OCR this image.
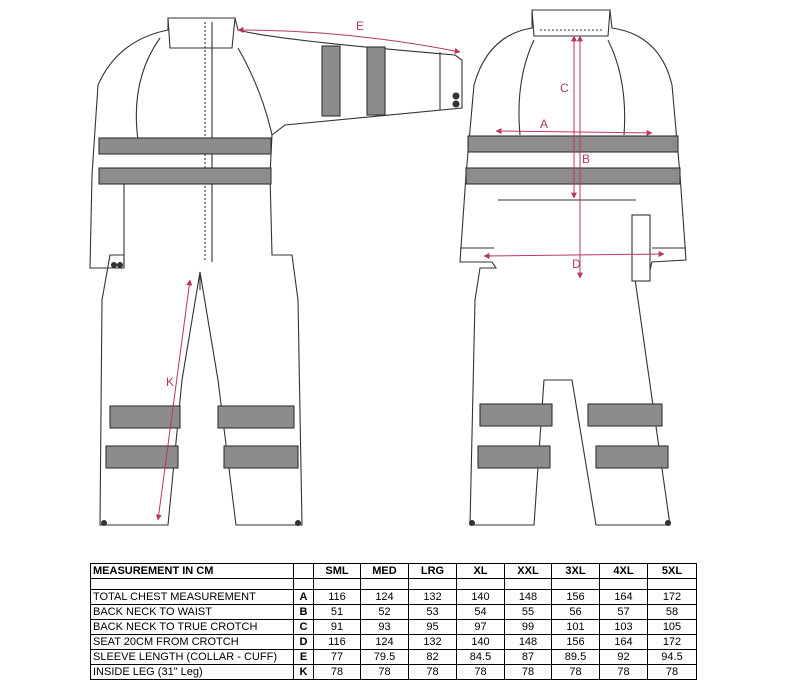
E
K
C
A
B
D
MEASUREMENT IN CM		SML	MED	LRG	XL	XXL	3XL	4XL	5XL

TOTAL CHEST MEASUREMENT	A	116	124	132	140	148	156	164	172
BACK NECK TO WAIST	B	51	52	53	54	55	56	57	58
BACK NECK TO TRUE CROTCH	C	91	93	95	97	99	101	103	105
SEAT 20CM FROM CROTCH	D	116	124	132	140	148	156	164	172
SLEEVE LENGTH (COLLAR - CUFF)	E	77	79.5	82	84.5	87	89.5	92	94.5
INSIDE LEG (31" Leg)	K	78	78	78	78	78	78	78	78
